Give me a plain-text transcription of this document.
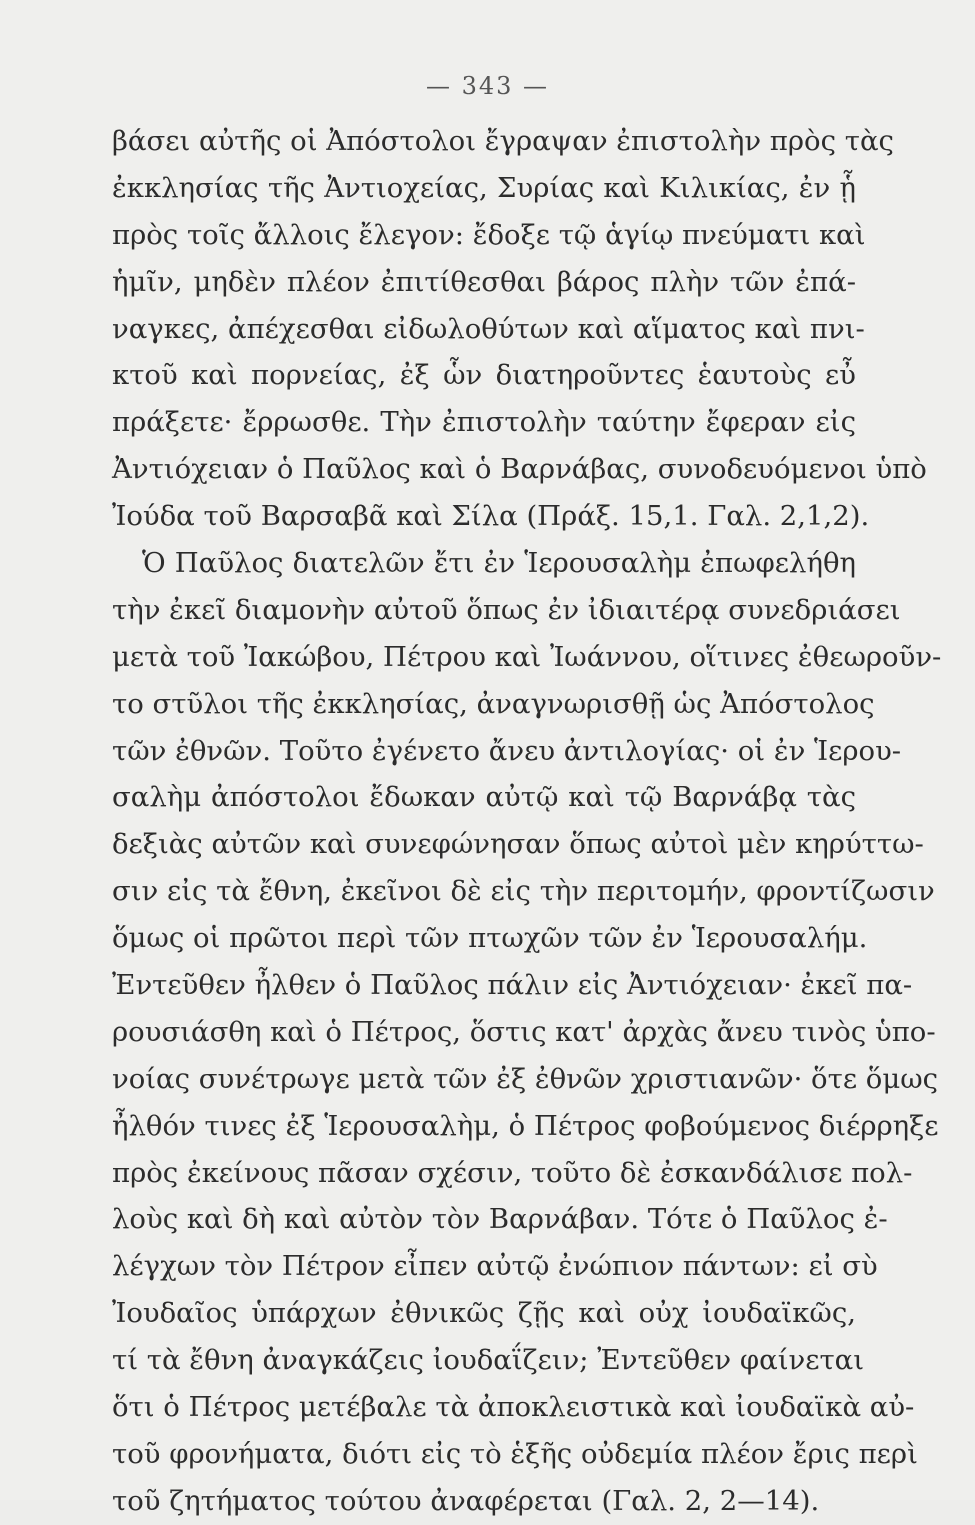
— 343 —
βάσει αὐτῆς οἱ Ἀπόστολοι ἔγραψαν ἐπιστολὴν πρὸς τὰς
ἐκκλησίας τῆς Ἀντιοχείας, Συρίας καὶ Κιλικίας, ἐν ᾗ
πρὸς τοῖς ἄλλοις ἔλεγον: ἔδοξε τῷ ἁγίῳ πνεύματι καὶ
ἡμῖν, μηδὲν πλέον ἐπιτίθεσθαι βάρος πλὴν τῶν ἐπά-
ναγκες, ἀπέχεσθαι εἰδωλοθύτων καὶ αἵματος καὶ πνι-
κτοῦ καὶ πορνείας, ἐξ ὧν διατηροῦντες ἑαυτοὺς εὖ
πράξετε· ἔρρωσθε. Τὴν ἐπιστολὴν ταύτην ἔφεραν εἰς
Ἀντιόχειαν ὁ Παῦλος καὶ ὁ Βαρνάβας, συνοδευόμενοι ὑπὸ
Ἰούδα τοῦ Βαρσαβᾶ καὶ Σίλα (Πράξ. 15,1. Γαλ. 2,1,2).
Ὁ Παῦλος διατελῶν ἔτι ἐν Ἱερουσαλὴμ ἐπωφελήθη
τὴν ἐκεῖ διαμονὴν αὐτοῦ ὅπως ἐν ἰδιαιτέρᾳ συνεδριάσει
μετὰ τοῦ Ἰακώβου, Πέτρου καὶ Ἰωάννου, οἵτινες ἐθεωροῦν-
το στῦλοι τῆς ἐκκλησίας, ἀναγνωρισθῇ ὡς Ἀπόστολος
τῶν ἐθνῶν. Τοῦτο ἐγένετο ἄνευ ἀντιλογίας· οἱ ἐν Ἱερου-
σαλὴμ ἀπόστολοι ἔδωκαν αὐτῷ καὶ τῷ Βαρνάβᾳ τὰς
δεξιὰς αὐτῶν καὶ συνεφώνησαν ὅπως αὐτοὶ μὲν κηρύττω-
σιν εἰς τὰ ἔθνη, ἐκεῖνοι δὲ εἰς τὴν περιτομήν, φροντίζωσιν
ὅμως οἱ πρῶτοι περὶ τῶν πτωχῶν τῶν ἐν Ἱερουσαλήμ.
Ἐντεῦθεν ἦλθεν ὁ Παῦλος πάλιν εἰς Ἀντιόχειαν· ἐκεῖ πα-
ρουσιάσθη καὶ ὁ Πέτρος, ὅστις κατ' ἀρχὰς ἄνευ τινὸς ὑπο-
νοίας συνέτρωγε μετὰ τῶν ἐξ ἐθνῶν χριστιανῶν· ὅτε ὅμως
ἦλθόν τινες ἐξ Ἱερουσαλὴμ, ὁ Πέτρος φοβούμενος διέρρηξε
πρὸς ἐκείνους πᾶσαν σχέσιν, τοῦτο δὲ ἐσκανδάλισε πολ-
λοὺς καὶ δὴ καὶ αὐτὸν τὸν Βαρνάβαν. Τότε ὁ Παῦλος ἐ-
λέγχων τὸν Πέτρον εἶπεν αὐτῷ ἐνώπιον πάντων: εἰ σὺ
Ἰουδαῖος ὑπάρχων ἐθνικῶς ζῇς καὶ οὐχ ἰουδαϊκῶς,
τί τὰ ἔθνη ἀναγκάζεις ἰουδαΐζειν; Ἐντεῦθεν φαίνεται
ὅτι ὁ Πέτρος μετέβαλε τὰ ἀποκλειστικὰ καὶ ἰουδαϊκὰ αὐ-
τοῦ φρονήματα, διότι εἰς τὸ ἑξῆς οὐδεμία πλέον ἔρις περὶ
τοῦ ζητήματος τούτου ἀναφέρεται (Γαλ. 2, 2—14).
